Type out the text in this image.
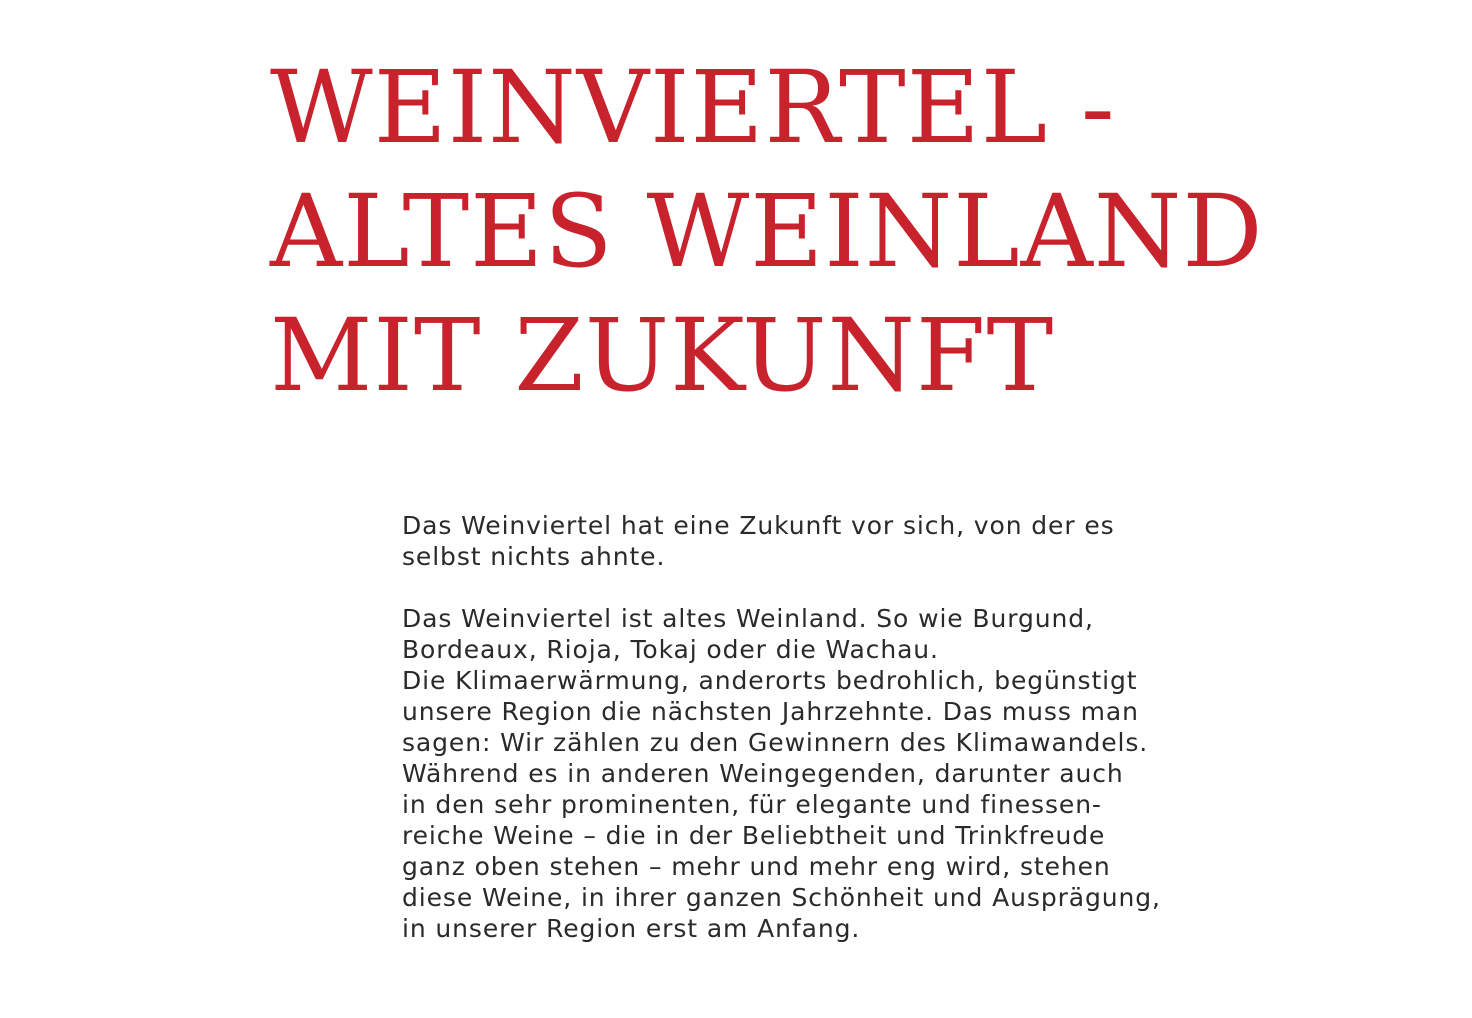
WEINVIERTEL -
ALTES WEINLAND
MIT ZUKUNFT

Das Weinviertel hat eine Zukunft vor sich, von der es
selbst nichts ahnte.

Das Weinviertel ist altes Weinland. So wie Burgund,
Bordeaux, Rioja, Tokaj oder die Wachau.
Die Klimaerwärmung, anderorts bedrohlich, begünstigt
unsere Region die nächsten Jahrzehnte. Das muss man
sagen: Wir zählen zu den Gewinnern des Klimawandels.
Während es in anderen Weingegenden, darunter auch
in den sehr prominenten, für elegante und finessen-
reiche Weine – die in der Beliebtheit und Trinkfreude
ganz oben stehen – mehr und mehr eng wird, stehen
diese Weine, in ihrer ganzen Schönheit und Ausprägung,
in unserer Region erst am Anfang.
